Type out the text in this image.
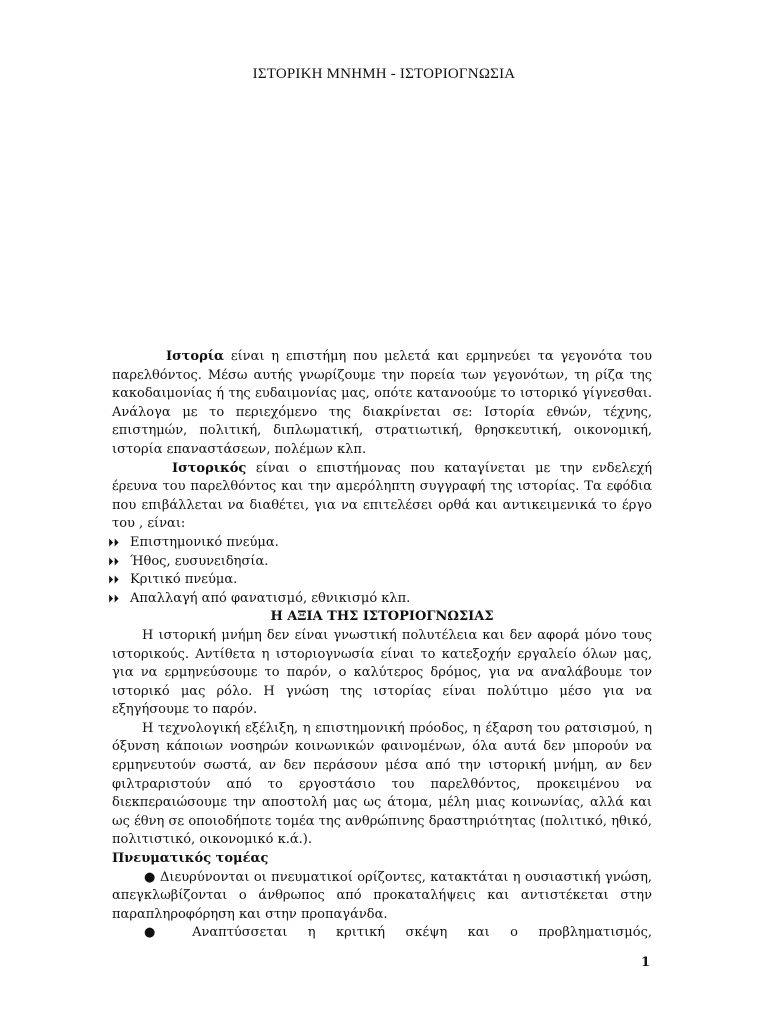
ΙΣΤΟΡΙΚΗ ΜΝΗΜΗ - ΙΣΤΟΡΙΟΓΝΩΣΙΑ

Ιστορία είναι η επιστήμη που μελετά και ερμηνεύει τα γεγονότα του παρελθόντος. Μέσω αυτής γνωρίζουμε την πορεία των γεγονότων, τη ρίζα της κακοδαιμονίας ή της ευδαιμονίας μας, οπότε κατανοούμε το ιστορικό γίγνεσθαι. Ανάλογα με το περιεχόμενο της διακρίνεται σε: Ιστορία εθνών, τέχνης, επιστημών, πολιτική, διπλωματική, στρατιωτική, θρησκευτική, οικονομική, ιστορία επαναστάσεων, πολέμων κλπ.

Ιστορικός είναι ο επιστήμονας που καταγίνεται με την ενδελεχή έρευνα του παρελθόντος και την αμερόληπτη συγγραφή της ιστορίας. Τα εφόδια που επιβάλλεται να διαθέτει, για να επιτελέσει ορθά και αντικειμενικά το έργο του , είναι:

⏵⏵ Επιστημονικό πνεύμα.

⏵⏵ Ήθος, ευσυνειδησία.

⏵⏵ Κριτικό πνεύμα.

⏵⏵ Απαλλαγή από φανατισμό, εθνικισμό κλπ.

Η ΑΞΙΑ ΤΗΣ ΙΣΤΟΡΙΟΓΝΩΣΙΑΣ

Η ιστορική μνήμη δεν είναι γνωστική πολυτέλεια και δεν αφορά μόνο τους ιστορικούς. Αντίθετα η ιστοριογνωσία είναι το κατεξοχήν εργαλείο όλων μας, για να ερμηνεύσουμε το παρόν, ο καλύτερος δρόμος, για να αναλάβουμε τον ιστορικό μας ρόλο. Η γνώση της ιστορίας είναι πολύτιμο μέσο για να εξηγήσουμε το παρόν.

Η τεχνολογική εξέλιξη, η επιστημονική πρόοδος, η έξαρση του ρατσισμού, η όξυνση κάποιων νοσηρών κοινωνικών φαινομένων, όλα αυτά δεν μπορούν να ερμηνευτούν σωστά, αν δεν περάσουν μέσα από την ιστορική μνήμη, αν δεν φιλτραριστούν από το εργοστάσιο του παρελθόντος, προκειμένου να διεκπεραιώσουμε την αποστολή μας ως άτομα, μέλη μιας κοινωνίας, αλλά και ως έθνη σε οποιοδήποτε τομέα της ανθρώπινης δραστηριότητας (πολιτικό, ηθικό, πολιτιστικό, οικονομικό κ.ά.).

Πνευματικός τομέας

● Διευρύνονται οι πνευματικοί ορίζοντες, κατακτάται η ουσιαστική γνώση, απεγκλωβίζονται ο άνθρωπος από προκαταλήψεις και αντιστέκεται στην παραπληροφόρηση και στην προπαγάνδα.

● Αναπτύσσεται η κριτική σκέψη και ο προβληματισμός,

1
